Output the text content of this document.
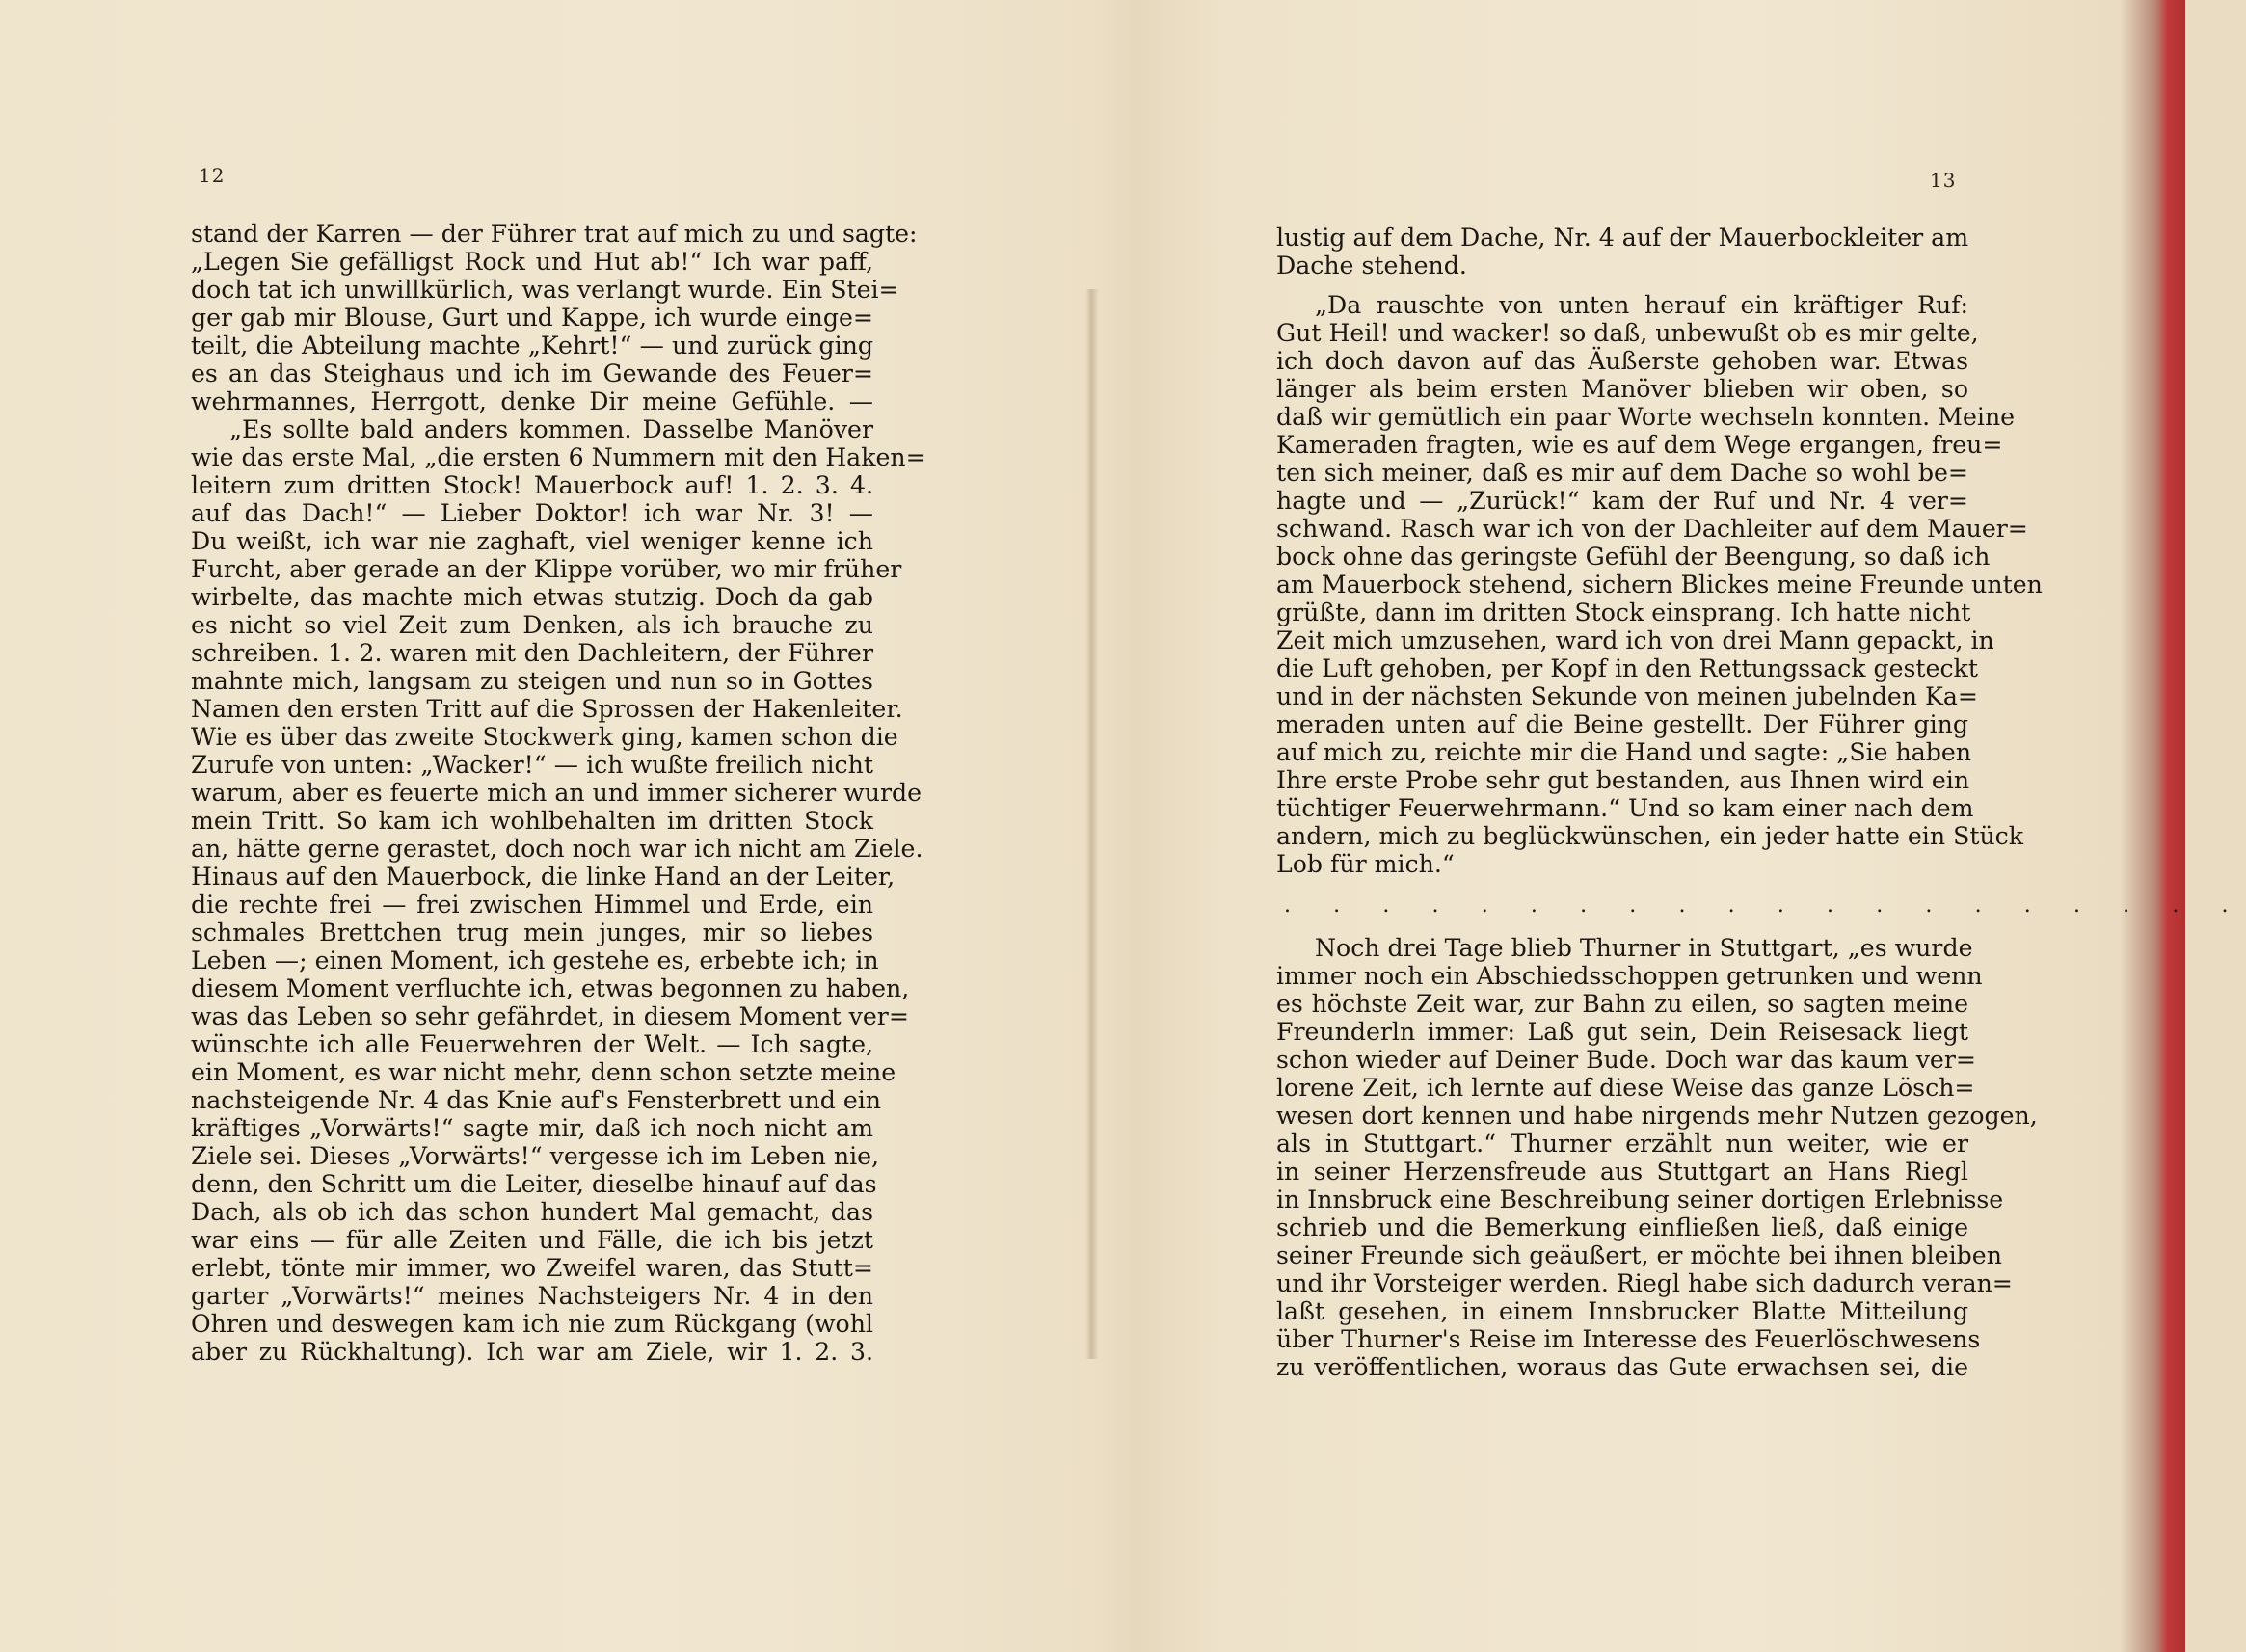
12
stand der Karren — der Führer trat auf mich zu und sagte:
„Legen Sie gefälligst Rock und Hut ab!“ Ich war paff,
doch tat ich unwillkürlich, was verlangt wurde. Ein Stei=
ger gab mir Blouse, Gurt und Kappe, ich wurde einge=
teilt, die Abteilung machte „Kehrt!“ — und zurück ging
es an das Steighaus und ich im Gewande des Feuer=
wehrmannes, Herrgott, denke Dir meine Gefühle. —
„Es sollte bald anders kommen. Dasselbe Manöver
wie das erste Mal, „die ersten 6 Nummern mit den Haken=
leitern zum dritten Stock! Mauerbock auf! 1. 2. 3. 4.
auf das Dach!“ — Lieber Doktor! ich war Nr. 3! —
Du weißt, ich war nie zaghaft, viel weniger kenne ich
Furcht, aber gerade an der Klippe vorüber, wo mir früher
wirbelte, das machte mich etwas stutzig. Doch da gab
es nicht so viel Zeit zum Denken, als ich brauche zu
schreiben. 1. 2. waren mit den Dachleitern, der Führer
mahnte mich, langsam zu steigen und nun so in Gottes
Namen den ersten Tritt auf die Sprossen der Hakenleiter.
Wie es über das zweite Stockwerk ging, kamen schon die
Zurufe von unten: „Wacker!“ — ich wußte freilich nicht
warum, aber es feuerte mich an und immer sicherer wurde
mein Tritt. So kam ich wohlbehalten im dritten Stock
an, hätte gerne gerastet, doch noch war ich nicht am Ziele.
Hinaus auf den Mauerbock, die linke Hand an der Leiter,
die rechte frei — frei zwischen Himmel und Erde, ein
schmales Brettchen trug mein junges, mir so liebes
Leben —; einen Moment, ich gestehe es, erbebte ich; in
diesem Moment verfluchte ich, etwas begonnen zu haben,
was das Leben so sehr gefährdet, in diesem Moment ver=
wünschte ich alle Feuerwehren der Welt. — Ich sagte,
ein Moment, es war nicht mehr, denn schon setzte meine
nachsteigende Nr. 4 das Knie auf's Fensterbrett und ein
kräftiges „Vorwärts!“ sagte mir, daß ich noch nicht am
Ziele sei. Dieses „Vorwärts!“ vergesse ich im Leben nie,
denn, den Schritt um die Leiter, dieselbe hinauf auf das
Dach, als ob ich das schon hundert Mal gemacht, das
war eins — für alle Zeiten und Fälle, die ich bis jetzt
erlebt, tönte mir immer, wo Zweifel waren, das Stutt=
garter „Vorwärts!“ meines Nachsteigers Nr. 4 in den
Ohren und deswegen kam ich nie zum Rückgang (wohl
aber zu Rückhaltung). Ich war am Ziele, wir 1. 2. 3.
13
lustig auf dem Dache, Nr. 4 auf der Mauerbockleiter am
Dache stehend.
„Da rauschte von unten herauf ein kräftiger Ruf:
Gut Heil! und wacker! so daß, unbewußt ob es mir gelte,
ich doch davon auf das Äußerste gehoben war. Etwas
länger als beim ersten Manöver blieben wir oben, so
daß wir gemütlich ein paar Worte wechseln konnten. Meine
Kameraden fragten, wie es auf dem Wege ergangen, freu=
ten sich meiner, daß es mir auf dem Dache so wohl be=
hagte und — „Zurück!“ kam der Ruf und Nr. 4 ver=
schwand. Rasch war ich von der Dachleiter auf dem Mauer=
bock ohne das geringste Gefühl der Beengung, so daß ich
am Mauerbock stehend, sichern Blickes meine Freunde unten
grüßte, dann im dritten Stock einsprang. Ich hatte nicht
Zeit mich umzusehen, ward ich von drei Mann gepackt, in
die Luft gehoben, per Kopf in den Rettungssack gesteckt
und in der nächsten Sekunde von meinen jubelnden Ka=
meraden unten auf die Beine gestellt. Der Führer ging
auf mich zu, reichte mir die Hand und sagte: „Sie haben
Ihre erste Probe sehr gut bestanden, aus Ihnen wird ein
tüchtiger Feuerwehrmann.“ Und so kam einer nach dem
andern, mich zu beglückwünschen, ein jeder hatte ein Stück
Lob für mich.“
. . . . . . . . . . . . . . . . . . . .
Noch drei Tage blieb Thurner in Stuttgart, „es wurde
immer noch ein Abschiedsschoppen getrunken und wenn
es höchste Zeit war, zur Bahn zu eilen, so sagten meine
Freunderln immer: Laß gut sein, Dein Reisesack liegt
schon wieder auf Deiner Bude. Doch war das kaum ver=
lorene Zeit, ich lernte auf diese Weise das ganze Lösch=
wesen dort kennen und habe nirgends mehr Nutzen gezogen,
als in Stuttgart.“ Thurner erzählt nun weiter, wie er
in seiner Herzensfreude aus Stuttgart an Hans Riegl
in Innsbruck eine Beschreibung seiner dortigen Erlebnisse
schrieb und die Bemerkung einfließen ließ, daß einige
seiner Freunde sich geäußert, er möchte bei ihnen bleiben
und ihr Vorsteiger werden. Riegl habe sich dadurch veran=
laßt gesehen, in einem Innsbrucker Blatte Mitteilung
über Thurner's Reise im Interesse des Feuerlöschwesens
zu veröffentlichen, woraus das Gute erwachsen sei, die
